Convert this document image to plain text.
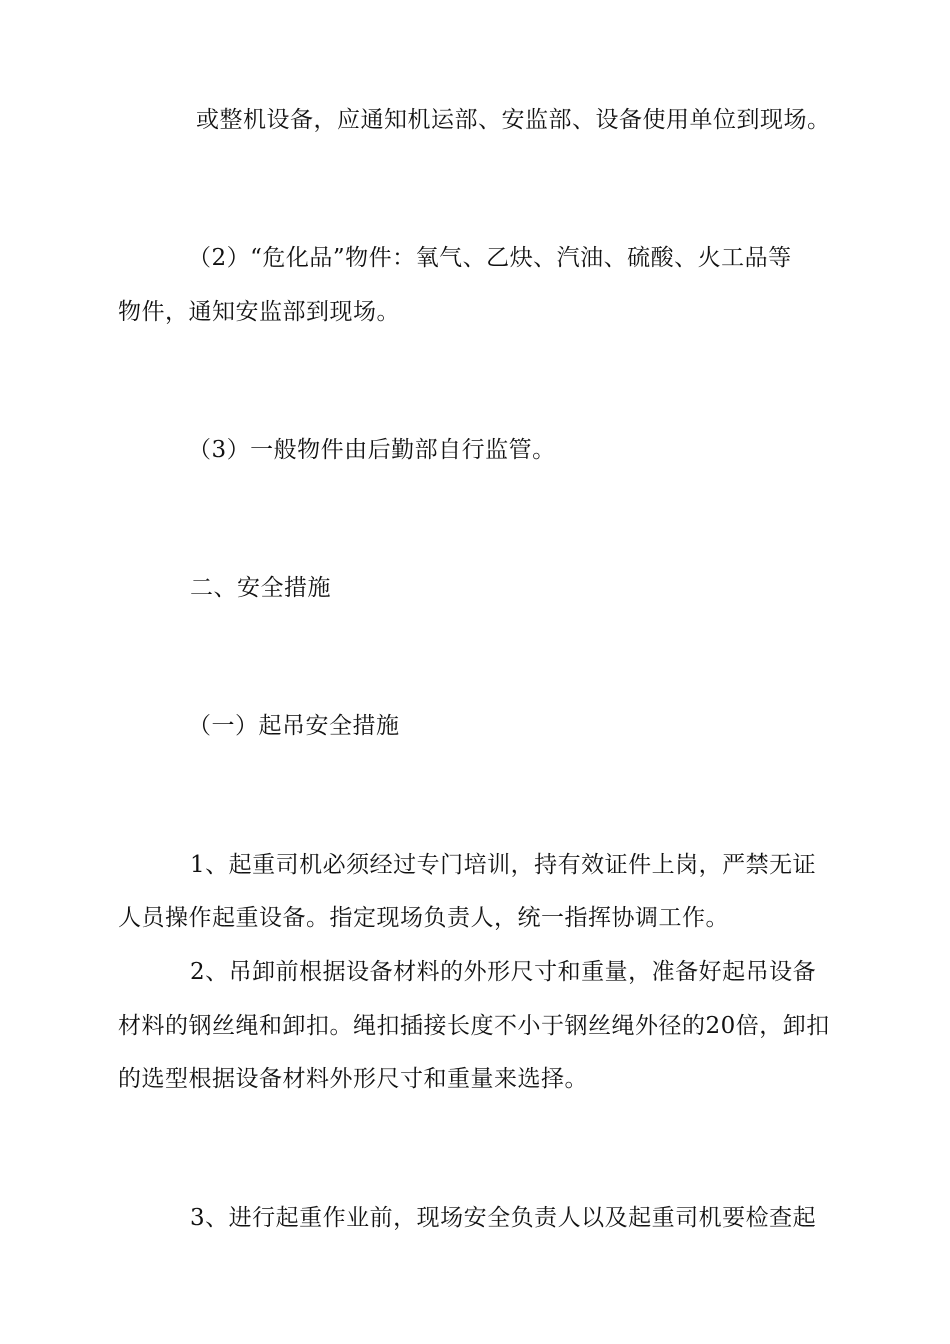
或整机设备，应通知机运部、安监部、设备使用单位到现场。
（2）“危化品”物件：氧气、乙炔、汽油、硫酸、火工品等
物件，通知安监部到现场。
（3）一般物件由后勤部自行监管。
二、安全措施
（一）起吊安全措施
1、起重司机必须经过专门培训，持有效证件上岗，严禁无证
人员操作起重设备。指定现场负责人，统一指挥协调工作。
2、吊卸前根据设备材料的外形尺寸和重量，准备好起吊设备
材料的钢丝绳和卸扣。绳扣插接长度不小于钢丝绳外径的20倍，卸扣
的选型根据设备材料外形尺寸和重量来选择。
3、进行起重作业前，现场安全负责人以及起重司机要检查起
